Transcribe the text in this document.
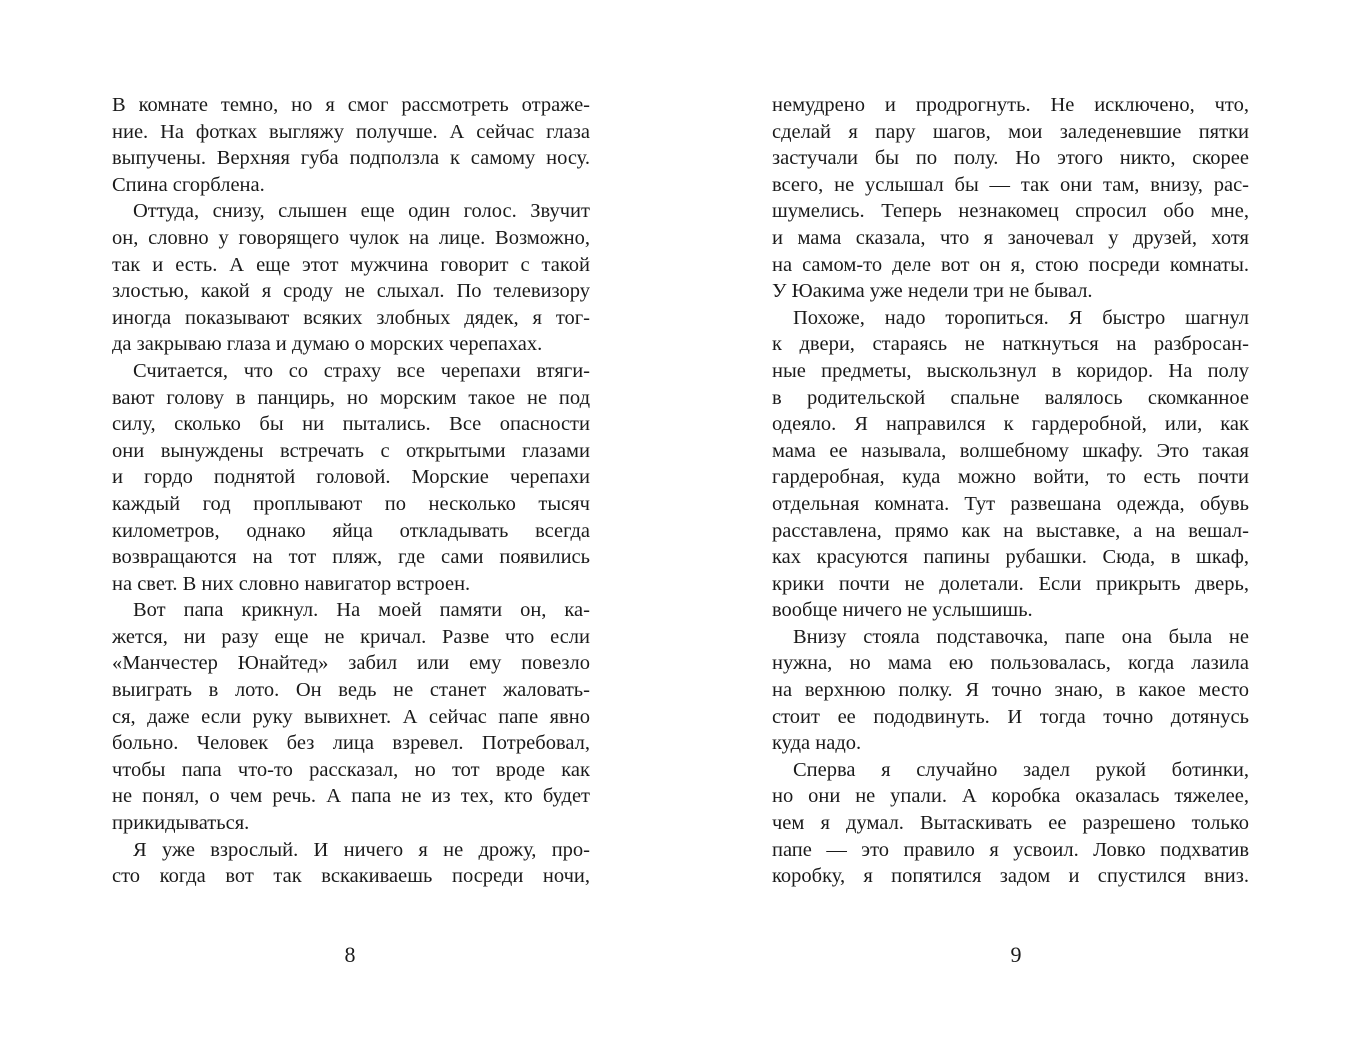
В комнате темно, но я смог рассмотреть отраже-
ние. На фотках выгляжу получше. А сейчас глаза
выпучены. Верхняя губа подползла к самому носу.
Спина сгорблена.
Оттуда, снизу, слышен еще один голос. Звучит
он, словно у говорящего чулок на лице. Возможно,
так и есть. А еще этот мужчина говорит с такой
злостью, какой я сроду не слыхал. По телевизору
иногда показывают всяких злобных дядек, я тог-
да закрываю глаза и думаю о морских черепахах.
Считается, что со страху все черепахи втяги-
вают голову в панцирь, но морским такое не под
силу, сколько бы ни пытались. Все опасности
они вынуждены встречать с открытыми глазами
и гордо поднятой головой. Морские черепахи
каждый год проплывают по несколько тысяч
километров, однако яйца откладывать всегда
возвращаются на тот пляж, где сами появились
на свет. В них словно навигатор встроен.
Вот папа крикнул. На моей памяти он, ка-
жется, ни разу еще не кричал. Разве что если
«Манчестер Юнайтед» забил или ему повезло
выиграть в лото. Он ведь не станет жаловать-
ся, даже если руку вывихнет. А сейчас папе явно
больно. Человек без лица взревел. Потребовал,
чтобы папа что-то рассказал, но тот вроде как
не понял, о чем речь. А папа не из тех, кто будет
прикидываться.
Я уже взрослый. И ничего я не дрожу, про-
сто когда вот так вскакиваешь посреди ночи,
немудрено и продрогнуть. Не исключено, что,
сделай я пару шагов, мои заледеневшие пятки
застучали бы по полу. Но этого никто, скорее
всего, не услышал бы — так они там, внизу, рас-
шумелись. Теперь незнакомец спросил обо мне,
и мама сказала, что я заночевал у друзей, хотя
на самом-то деле вот он я, стою посреди комнаты.
У Юакима уже недели три не бывал.
Похоже, надо торопиться. Я быстро шагнул
к двери, стараясь не наткнуться на разбросан-
ные предметы, выскользнул в коридор. На полу
в родительской спальне валялось скомканное
одеяло. Я направился к гардеробной, или, как
мама ее называла, волшебному шкафу. Это такая
гардеробная, куда можно войти, то есть почти
отдельная комната. Тут развешана одежда, обувь
расставлена, прямо как на выставке, а на вешал-
ках красуются папины рубашки. Сюда, в шкаф,
крики почти не долетали. Если прикрыть дверь,
вообще ничего не услышишь.
Внизу стояла подставочка, папе она была не
нужна, но мама ею пользовалась, когда лазила
на верхнюю полку. Я точно знаю, в какое место
стоит ее пододвинуть. И тогда точно дотянусь
куда надо.
Сперва я случайно задел рукой ботинки,
но они не упали. А коробка оказалась тяжелее,
чем я думал. Вытаскивать ее разрешено только
папе — это правило я усвоил. Ловко подхватив
коробку, я попятился задом и спустился вниз.
8	9
